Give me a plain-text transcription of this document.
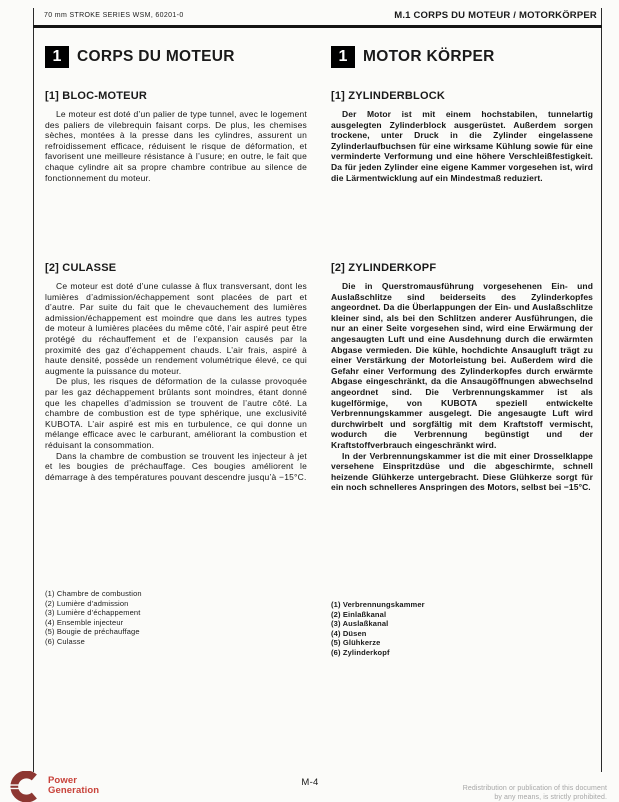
70 mm STROKE SERIES WSM, 60201-0	M.1 CORPS DU MOTEUR / MOTORKÖRPER
1	CORPS DU MOTEUR
[1] BLOC-MOTEUR

Le moteur est doté d’un palier de type tunnel, avec le logement des paliers de vilebrequin faisant corps. De plus, les chemises sèches, montées à la presse dans les cylindres, assurent un refroidissement efficace, réduisent le risque de déformation, et favorisent une meilleure résistance à l’usure; en outre, le fait que chaque cylindre ait sa propre chambre contribue au silence de fonctionnement du moteur.

[2] CULASSE

Ce moteur est doté d’une culasse à flux transversant, dont les lumières d’admission/échappement sont placées de part et d’autre. Par suite du fait que le chevauchement des lumières admission/échappement est moindre que dans les autres types de moteur à lumières placées du même côté, l’air aspiré peut être protégé du réchauffement et de l’expansion causés par la proximité des gaz d’échappement chauds. L’air frais, aspiré à haute densité, possède un rendement volumétrique élevé, ce qui augmente la puissance du moteur.

De plus, les risques de déformation de la culasse provoquée par les gaz déchappement brûlants sont moindres, étant donné que les chapelles d’admission se trouvent de l’autre côté. La chambre de combustion est de type sphérique, une exclusivité KUBOTA. L’air aspiré est mis en turbulence, ce qui donne un mélange efficace avec le carburant, améliorant la combustion et réduisant la consommation.

Dans la chambre de combustion se trouvent les injecteur à jet et les bougies de préchauffage. Ces bougies améliorent le démarrage à des températures pouvant descendre jusqu’à −15°C.

(1) Chambre de combustion
(2) Lumière d’admission
(3) Lumière d’échappement
(4) Ensemble injecteur
(5) Bougie de préchauffage
(6) Culasse
1	MOTOR KÖRPER
[1] ZYLINDERBLOCK

Der Motor ist mit einem hochstabilen, tunnelartig ausgelegten Zylinderblock ausgerüstet. Außerdem sorgen trockene, unter Druck in die Zylinder eingelassene Zylinderlaufbuchsen für eine wirksame Kühlung sowie für eine verminderte Verformung und eine höhere Verschleißfestigkeit. Da für jeden Zylinder eine eigene Kammer vorgesehen ist, wird die Lärmentwicklung auf ein Mindestmaß reduziert.

[2] ZYLINDERKOPF

Die in Querstromausführung vorgesehenen Ein- und Auslaßschlitze sind beiderseits des Zylinderkopfes angeordnet. Da die Überlappungen der Ein- und Auslaßschlitze kleiner sind, als bei den Schlitzen anderer Ausführungen, die nur an einer Seite vorgesehen sind, wird eine Erwärmung der angesaugten Luft und eine Ausdehnung durch die erwärmten Abgase vermieden. Die kühle, hochdichte Ansaugluft trägt zu einer Verstärkung der Motorleistung bei. Außerdem wird die Gefahr einer Verformung des Zylinderkopfes durch erwärmte Abgase eingeschränkt, da die Ansaugöffnungen abwechselnd angeordnet sind. Die Verbrennungskammer ist als kugelförmige, von KUBOTA speziell entwickelte Verbrennungskammer ausgelegt. Die angesaugte Luft wird durchwirbelt und sorgfältig mit dem Kraftstoff vermischt, wodurch die Verbrennung begünstigt und der Kraftstoffverbrauch eingeschränkt wird.

In der Verbrennungskammer ist die mit einer Drosselklappe versehene Einspritzdüse und die abgeschirmte, schnell heizende Glühkerze untergebracht. Diese Glühkerze sorgt für ein noch schnelleres Anspringen des Motors, selbst bei −15°C.

(1) Verbrennungskammer
(2) Einlaßkanal
(3) Auslaßkanal
(4) Düsen
(5) Glühkerze
(6) Zylinderkopf
M-4
Power
Generation	Redistribution or publication of this document
by any means, is strictly prohibited.
